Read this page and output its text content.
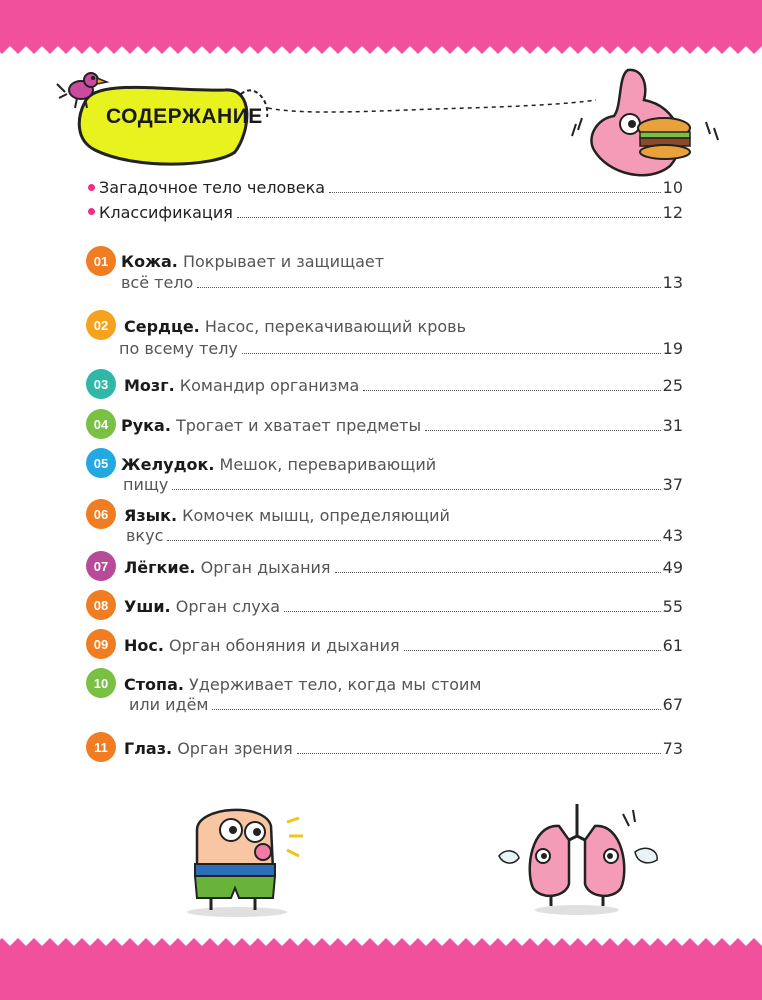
СОДЕРЖАНИЕ
Загадочное тело человека	10
Классификация	12
01 Кожа.
Покрывает и защищает
всё тело	13
02 Сердце.
Насос, перекачивающий кровь
по всему телу	19
03 Мозг.
Командир организма	25
04 Рука.
Трогает и хватает предметы	31
05 Желудок.
Мешок, переваривающий
пищу	37
06 Язык.
Комочек мышц, определяющий
вкус	43
07 Лёгкие.
Орган дыхания	49
08 Уши.
Орган слуха	55
09 Нос.
Орган обоняния и дыхания	61
10 Стопа.
Удерживает тело, когда мы стоим
или идём	67
11	Глаз.
Орган зрения	73
